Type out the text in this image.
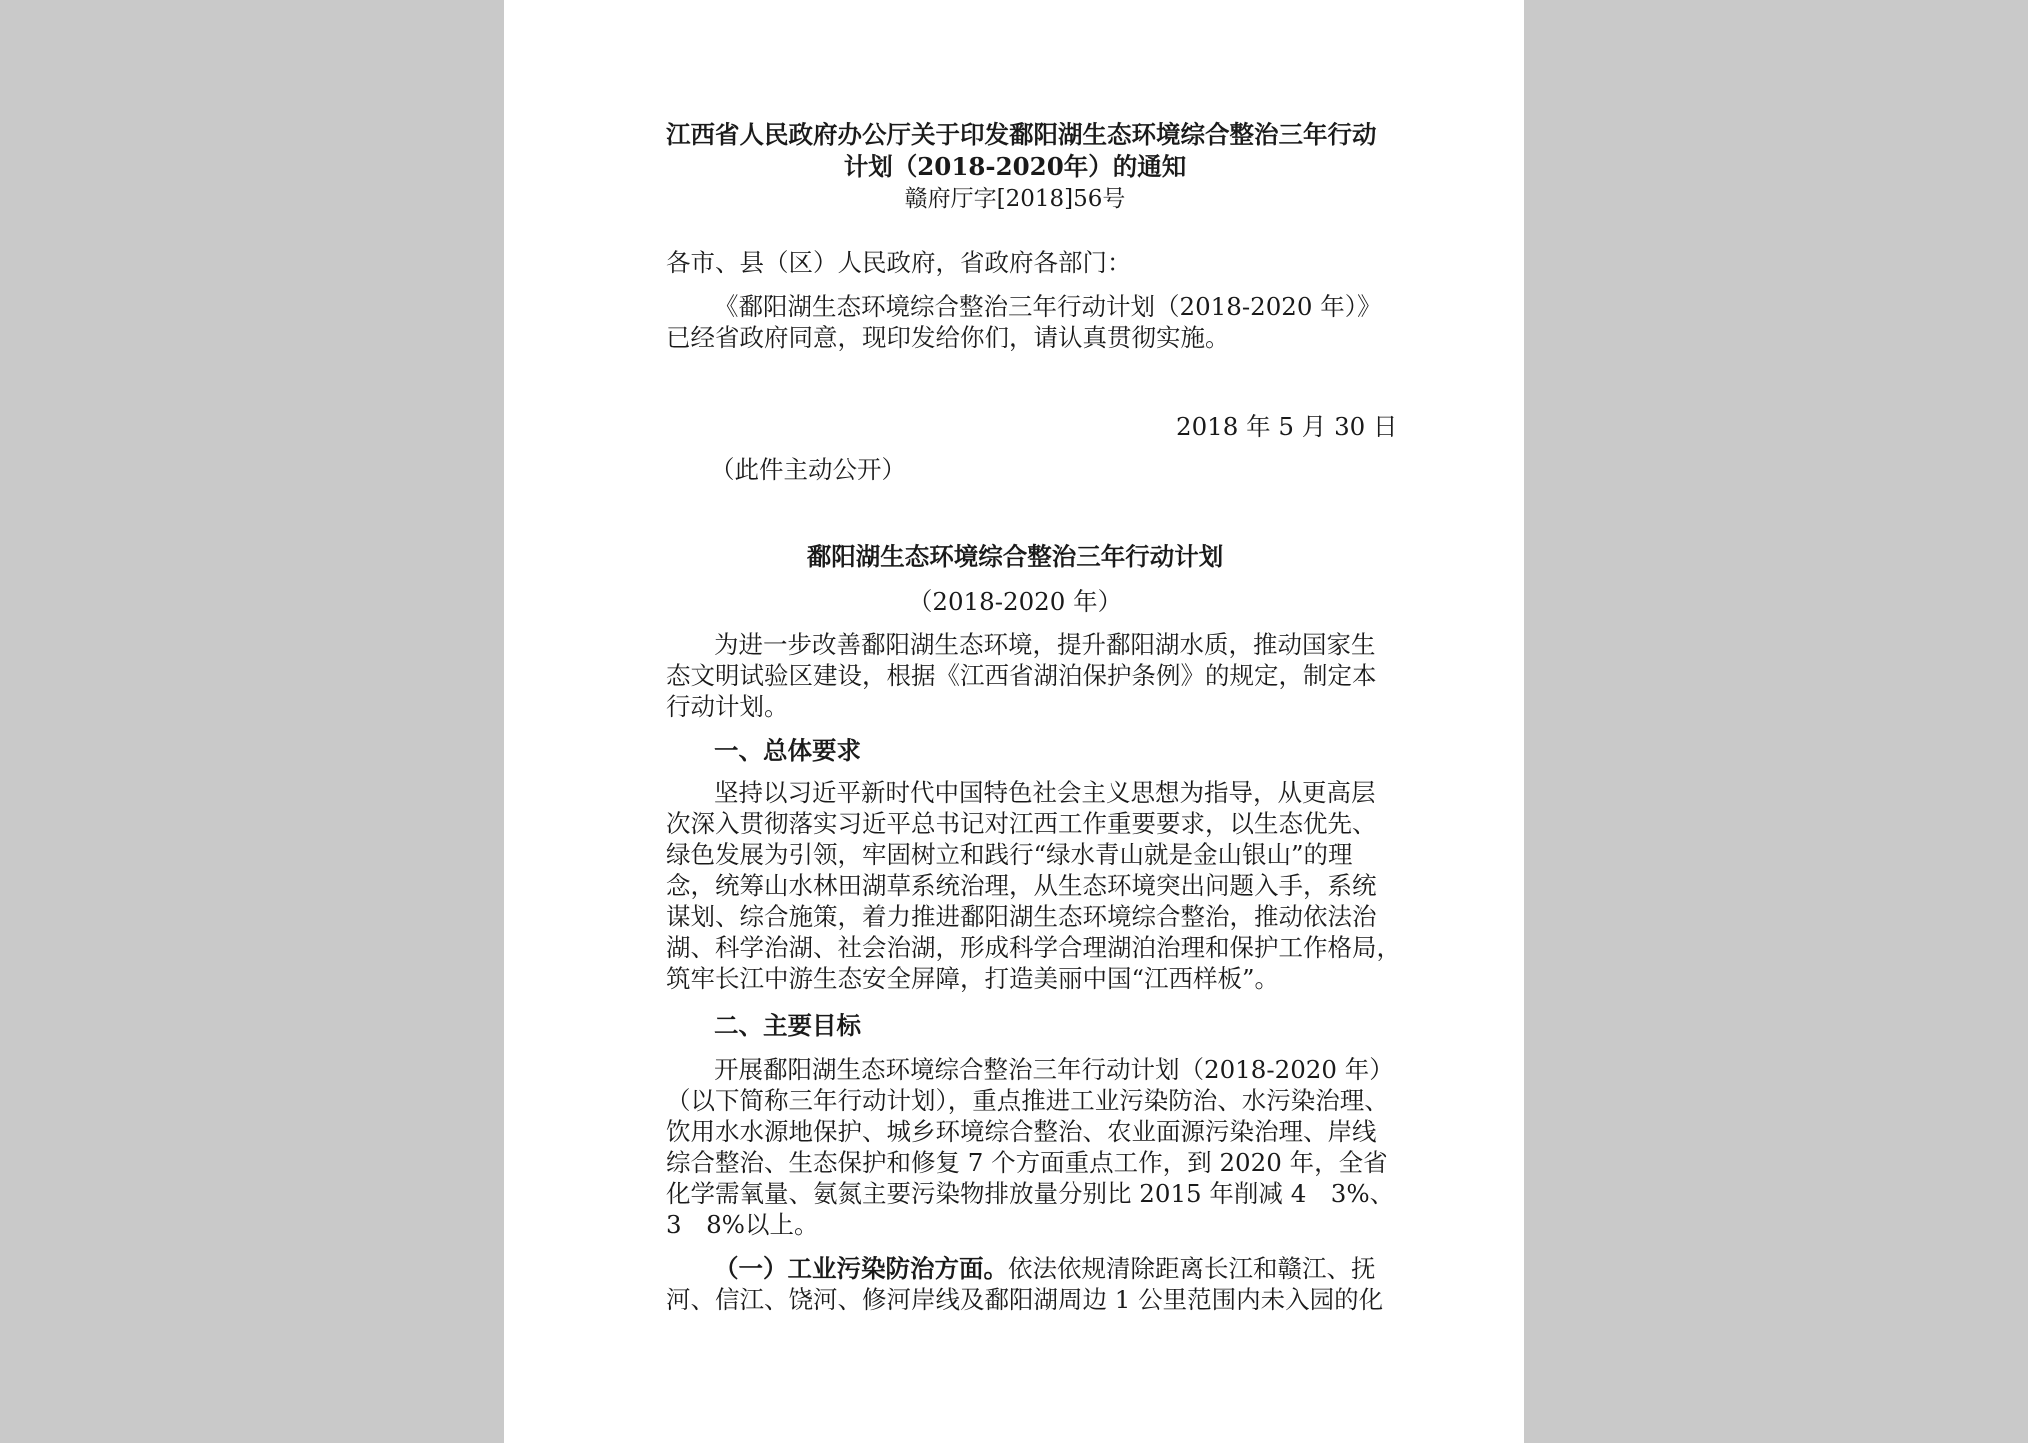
江西省人民政府办公厅关于印发鄱阳湖生态环境综合整治三年行动
计划（2018-2020年）的通知
赣府厅字[2018]56号
各市、县（区）人民政府，省政府各部门：
《鄱阳湖生态环境综合整治三年行动计划（2018-2020 年）》
已经省政府同意，现印发给你们，请认真贯彻实施。
2018 年 5 月 30 日
（此件主动公开）
鄱阳湖生态环境综合整治三年行动计划
（2018-2020 年）
为进一步改善鄱阳湖生态环境，提升鄱阳湖水质，推动国家生
态文明试验区建设，根据《江西省湖泊保护条例》的规定，制定本
行动计划。
一、总体要求
坚持以习近平新时代中国特色社会主义思想为指导，从更高层
次深入贯彻落实习近平总书记对江西工作重要要求，以生态优先、
绿色发展为引领，牢固树立和践行“绿水青山就是金山银山”的理
念，统筹山水林田湖草系统治理，从生态环境突出问题入手，系统
谋划、综合施策，着力推进鄱阳湖生态环境综合整治，推动依法治
湖、科学治湖、社会治湖，形成科学合理湖泊治理和保护工作格局，
筑牢长江中游生态安全屏障，打造美丽中国“江西样板”。
二、主要目标
开展鄱阳湖生态环境综合整治三年行动计划（2018-2020 年）
（以下简称三年行动计划），重点推进工业污染防治、水污染治理、
饮用水水源地保护、城乡环境综合整治、农业面源污染治理、岸线
综合整治、生态保护和修复 7 个方面重点工作，到 2020 年，全省
化学需氧量、氨氮主要污染物排放量分别比 2015 年削减 4　3%、
3　8%以上。
（一）工业污染防治方面。依法依规清除距离长江和赣江、抚
河、信江、饶河、修河岸线及鄱阳湖周边 1 公里范围内未入园的化
